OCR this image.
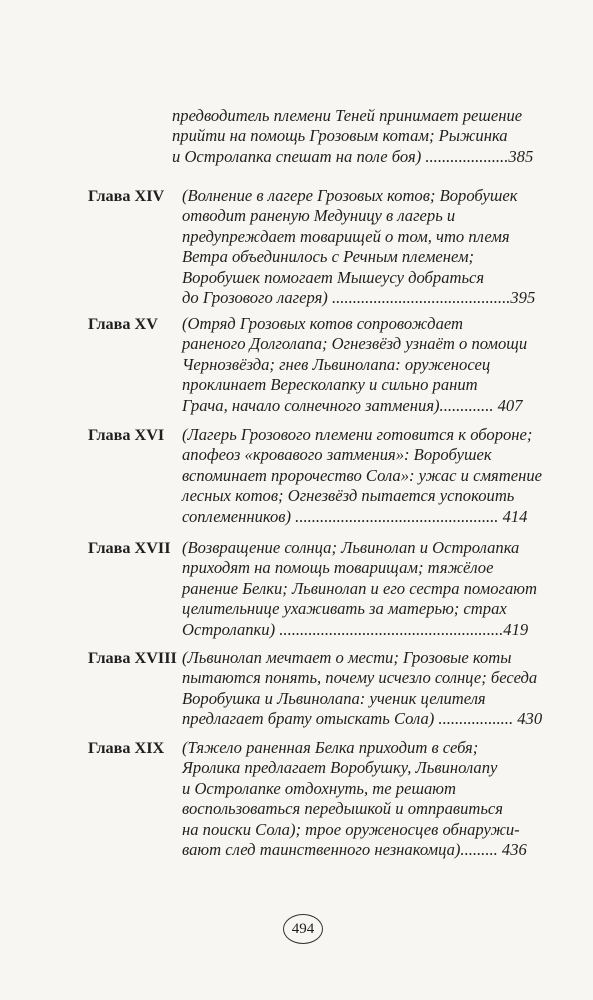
предводитель племени Теней принимает решение
прийти на помощь Грозовым котам; Рыжинка
и Остролапка спешат на поле боя) ....................385
Глава XIV (Волнение в лагере Грозовых котов; Воробушек
отводит раненую Медуницу в лагерь и
предупреждает товарищей о том, что племя
Ветра объединилось с Речным племенем;
Воробушек помогает Мышеусу добраться
до Грозового лагеря) ...........................................395
Глава XV (Отряд Грозовых котов сопровождает
раненого Долголапа; Огнезвёзд узнаёт о помощи
Чернозвёзда; гнев Львинолапа: оруженосец
проклинает Вересколапку и сильно ранит
Грача, начало солнечного затмения)............. 407
Глава XVI (Лагерь Грозового племени готовится к обороне;
апофеоз «кровавого затмения»: Воробушек
вспоминает пророчество Сола»: ужас и смятение
лесных котов; Огнезвёзд пытается успокоить
соплеменников) ................................................. 414
Глава XVII (Возвращение солнца; Львинолап и Остролапка
приходят на помощь товарищам; тяжёлое
ранение Белки; Львинолап и его сестра помогают
целительнице ухаживать за матерью; страх
Остролапки) ......................................................419
Глава XVIII (Львинолап мечтает о мести; Грозовые коты
пытаются понять, почему исчезло солнце; беседа
Воробушка и Львинолапа: ученик целителя
предлагает брату отыскать Сола) .................. 430
Глава XIX (Тяжело раненная Белка приходит в себя;
Яролика предлагает Воробушку, Львинолапу
и Остролапке отдохнуть, те решают
воспользоваться передышкой и отправиться
на поиски Сола); трое оруженосцев обнаружи-
вают след таинственного незнакомца)......... 436
494
